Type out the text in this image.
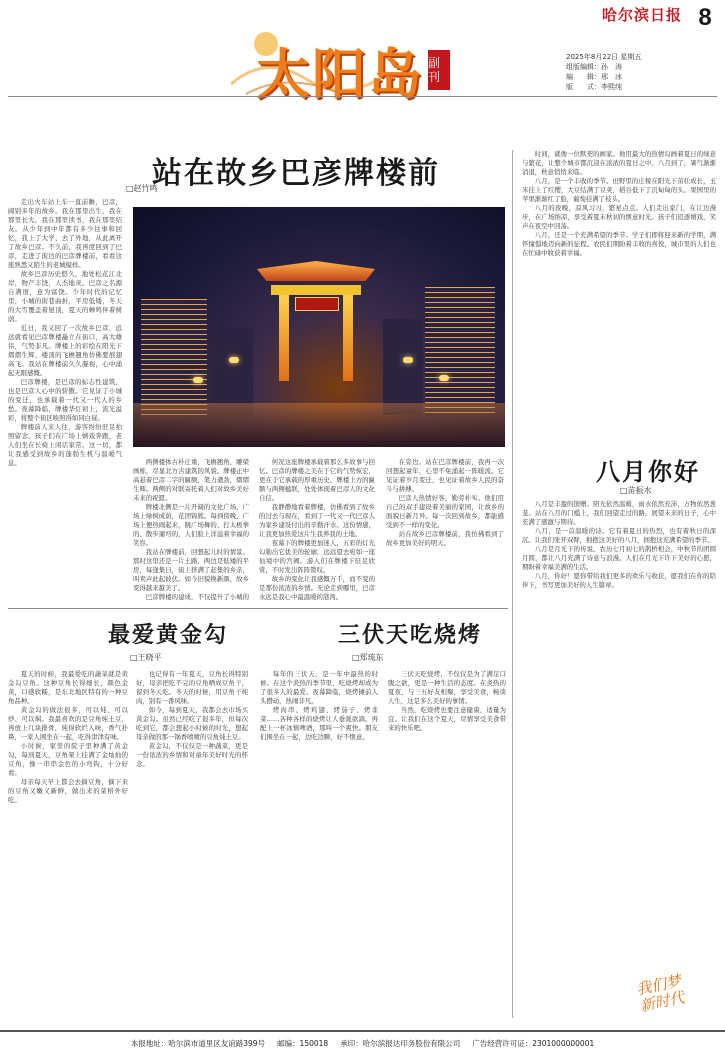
哈尔滨日报 8
太阳岛 副刊
2025年8月22日 星期五
组版编辑：孙　涛
编　　辑：邢　冰
版　　式：李熙纯
站在故乡巴彦牌楼前
□赵竹鸣

走出火车站上车一直前瞻，巴彦，阔别多年的故乡。我在那里出生，我在那里长大，我在那里读书，我在那里结友。从少年到中年都有多少往事和回忆，我上了大学，去了外地，从此离开了故乡巴彦。不久前，我再度回到了巴彦，走进了街边的巴彦牌楼前，看看这座熟悉又陌生的老城模样。

故乡巴彦历史悠久，地处松花江北岸，物产丰饶，人杰地灵。巴彦之名源自满语，意为富饶。少年时代的记忆里，小城的街巷曲折，平房低矮，冬天的大雪覆盖着屋顶，夏天的蝉鸣伴着树荫。

近日，我又回了一次故乡巴彦，远远就看见巴彦牌楼矗立在街口，高大雄伟，气势非凡。牌楼上的彩绘在阳光下熠熠生辉，楼顶的飞檐翘角仿佛要展翅高飞。我站在牌楼前久久凝视，心中涌起无限感慨。

巴彦牌楼，是巴彦的标志性建筑，也是巴彦人心中的骄傲。它见证了小城的变迁，也承载着一代又一代人的乡愁。夜幕降临，牌楼华灯初上，流光溢彩，将整个街区映照得如同白昼。

牌楼前人来人往，游客纷纷驻足拍照留念，孩子们在广场上嬉戏奔跑，老人们坐在长椅上闲话家常。这一切，都让我感受到故乡的蓬勃生机与温暖气息。	两侧楼体古朴庄重，飞檐翘角，雕梁画栋，尽显北方古建筑的风貌。牌楼正中高悬着巴彦二字的匾额，笔力遒劲，熠熠生辉。两侧的对联寄托着人们对故乡美好未来的祝愿。

牌楼北侧是一片开阔的文化广场，广场上绿树成荫，花团锦簇。每到傍晚，广场上便热闹起来，跳广场舞的、打太极拳的、散步遛弯的，人们脸上洋溢着幸福的笑容。

我站在牌楼前，回想起儿时的情景。那时这里还是一片土路，两边是低矮的平房，每逢集日，街上挤满了赶集的乡亲，叫卖声此起彼伏。如今旧貌换新颜，故乡变得越来越美了。

巴彦牌楼的建成，不仅提升了小城的

何况这座牌楼承载着那么多故事与回忆。巴彦的牌楼之美在于它的气势恢宏，更在于它承载的厚重历史。牌楼上方的匾额与两侧楹联，处处体现着巴彦人的文化自信。

我静静地看着牌楼，仿佛看到了故乡的过去与现在，看到了一代又一代巴彦人为家乡建设付出的辛勤汗水。这份情感，让我更加热爱这片生我养我的土地。

夜幕下的牌楼更加迷人，五彩的灯光勾勒出它优美的轮廓，远远望去宛如一座仙境中的宫阙。游人们在牌楼下驻足欣赏，不时发出阵阵赞叹。

故乡的变化让我感慨万千，而不变的是那份浓浓的乡情。无论走到哪里，巴彦永远是我心中最温暖的港湾。

在旁边。站在巴彦牌楼前，我再一次回想起童年，心里不免涌起一阵暖流。它见证着岁月变迁，也见证着故乡人民的奋斗与拼搏。

巴彦人热情好客，勤劳朴实。他们用自己的双手建设着美丽的家园，让故乡的面貌日新月异。每一次回到故乡，都能感受到不一样的变化。

站在故乡巴彦牌楼前，我仿佛看到了故乡更加美好的明天。

时间，就像一位默契的画家。他用最大的热情勾画着夏日的绿意与繁花，让整个城市都沉浸在浓浓的夏日之中。八月到了，暑气渐渐消退，秋意悄悄来临。

八月，是一个丰收的季节。田野里的庄稼在阳光下茁壮成长，玉米挂上了红缨，大豆结满了豆荚，稻谷低下了沉甸甸的头。果园里的苹果渐渐红了脸，葡萄挂满了枝头。

八月的夜晚，凉风习习，繁星点点。人们走出家门，在江边漫步，在广场纳凉，享受着夏末秋初的惬意时光。孩子们追逐嬉戏，笑声在夜空中回荡。

八月，还是一个充满希望的季节。学子们即将迎来新的学期，满怀憧憬地迈向新的征程。农民们期盼着丰收的喜悦，城市里的人们也在忙碌中收获着幸福。

八月你好
□苗振水

八月是丰盈的馈赠。阳光依然温暖，雨水依然充沛，万物依然葱茏。站在八月的门槛上，我们回望走过的路，展望未来的日子，心中充满了感激与期待。

八月，是一首温暖的诗。它有着夏日的热烈，也有着秋日的深沉。让我们张开双臂，拥抱这美好的八月，拥抱这充满希望的季节。

八月是月光下的传说。农历七月初七的鹊桥相会，中秋节的团圆月圆，都让八月充满了诗意与浪漫。人们在月光下许下美好的心愿，期盼着幸福美满的生活。

八月，你好！愿你带给我们更多的欢乐与收获，愿我们在你的陪伴下，书写更加美好的人生篇章。

最爱黄金勾
□王晓平

夏天的时候，我最爱吃的蔬菜就是黄金勾豆角。这种豆角长得细长，颜色金黄，口感软糯，是东北地区特有的一种豆角品种。

黄金勾的做法很多，可以炖、可以炒、可以焖。我最喜欢的是豆角炖土豆，再放上几块排骨，炖得软烂入味，香气扑鼻，一家人围坐在一起，吃得津津有味。

小时候，家里的院子里种满了黄金勾，每到夏天，豆角架上挂满了金灿灿的豆角，像一串串金色的小弯钩，十分好看。

母亲每天早上都会去摘豆角，摘下来的豆角又嫩又新鲜，做出来的菜格外好吃。

也记得有一年夏天，豆角长得特别好，母亲把吃不完的豆角晒成豆角干，留到冬天吃。冬天的时候，用豆角干炖肉，别有一番风味。

如今，每到夏天，我都会去市场买黄金勾。虽然已经吃了很多年，但每次吃到它，都会想起小时候的时光，想起母亲做的那一锅香喷喷的豆角炖土豆。

黄金勾，不仅仅是一种蔬菜，更是一份浓浓的乡情和对童年美好时光的怀念。

三伏天吃烧烤
□郑琉东

每年的三伏天，是一年中最热的时候。在这个炎热的季节里，吃烧烤却成为了很多人的最爱。夜幕降临，烧烤摊前人头攒动，热闹非凡。

烤肉串、烤鸡翅、烤茄子、烤韭菜……各种各样的烧烤让人垂涎欲滴。再配上一杯冰镇啤酒，那叫一个爽快。朋友们围坐在一起，边吃边聊，好不惬意。

三伏天吃烧烤，不仅仅是为了满足口腹之欲，更是一种生活的态度。在炎热的夏夜，与三五好友相聚，享受美食，畅谈人生，这是多么美好的事情。

当然，吃烧烤也要注意健康，适量为宜。让我们在这个夏天，尽情享受美食带来的快乐吧。

我们梦
新时代
本报地址：哈尔滨市道里区友谊路399号 邮编：150018 承印：哈尔滨报达印务股份有限公司 广告经营许可证：2301000000001
